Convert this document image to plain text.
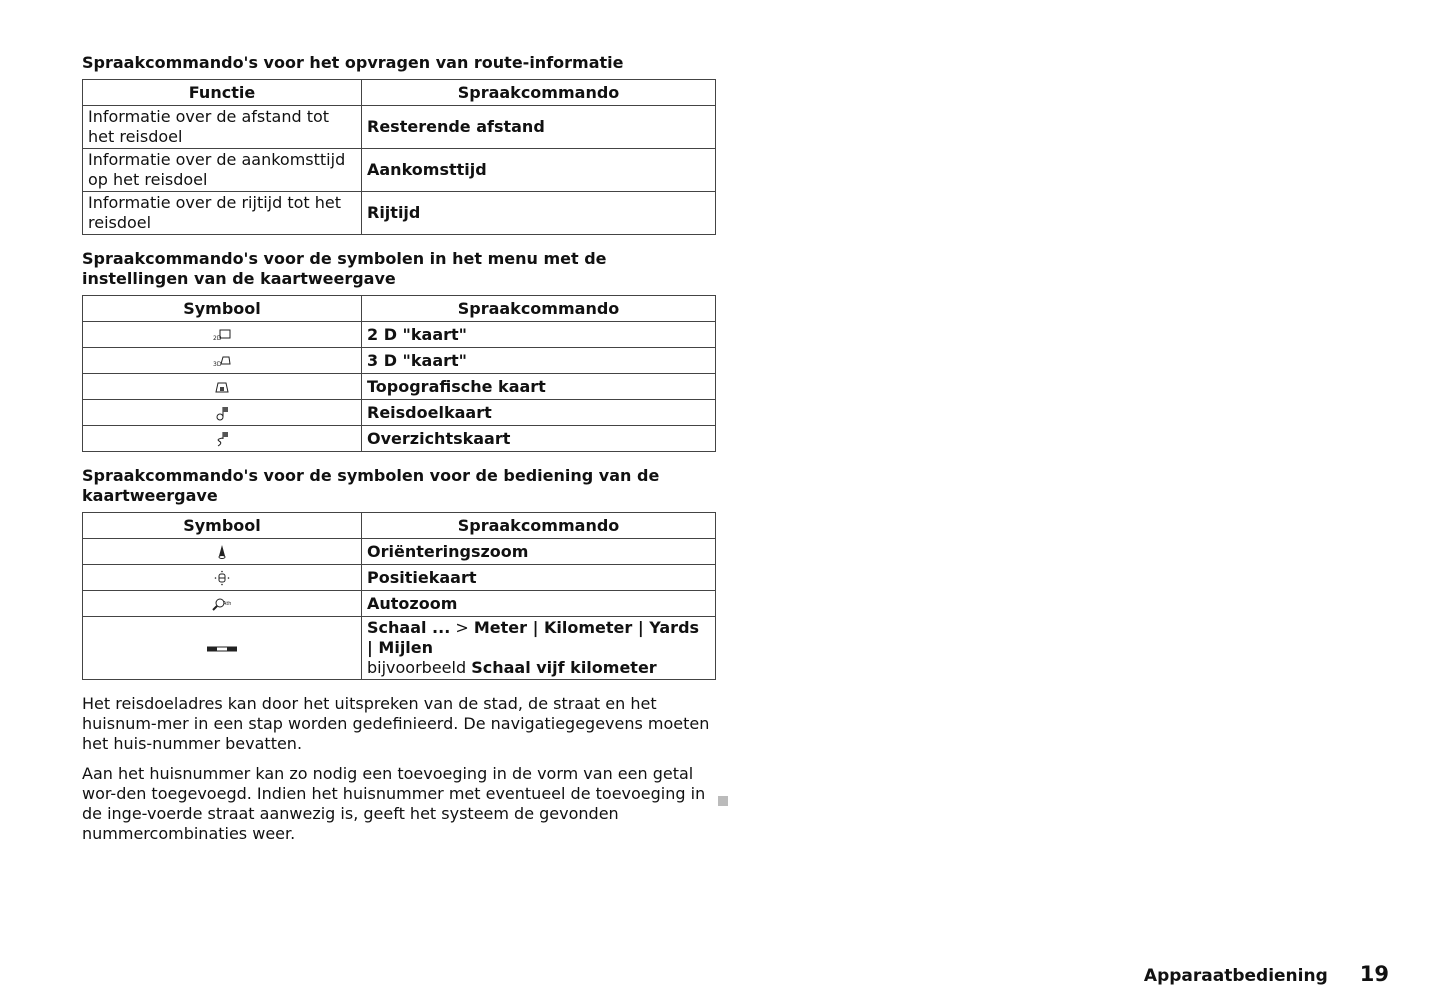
Spraakcommando's voor het opvragen van route-informatie
Functie	Spraakcommando
Informatie over de afstand tot het reisdoel	Resterende afstand
Informatie over de aankomsttijd op het reisdoel	Aankomsttijd
Informatie over de rijtijd tot het reisdoel	Rijtijd
Spraakcommando's voor de symbolen in het menu met de instellingen van de kaartweergave
Symbool	Spraakcommando

2D	2 D "kaart"

3D	3 D "kaart"
	Topografische kaart
	Reisdoelkaart
	Overzichtskaart
Spraakcommando's voor de symbolen voor de bediening van de kaartweergave
Symbool	Spraakcommando
	Oriënteringszoom
	Positiekaart

Ath	Autozoom
	Schaal ... > Meter | Kilometer | Yards | Mijlen
bijvoorbeeld Schaal vijf kilometer

Het reisdoeladres kan door het uitspreken van de stad, de straat en het huisnum-mer in een stap worden gedefinieerd. De navigatiegegevens moeten het huis-nummer bevatten.

Aan het huisnummer kan zo nodig een toevoeging in de vorm van een getal wor-den toegevoegd. Indien het huisnummer met eventueel de toevoeging in de inge-voerde straat aanwezig is, geeft het systeem de gevonden nummercombinaties weer.

Apparaatbediening 19
